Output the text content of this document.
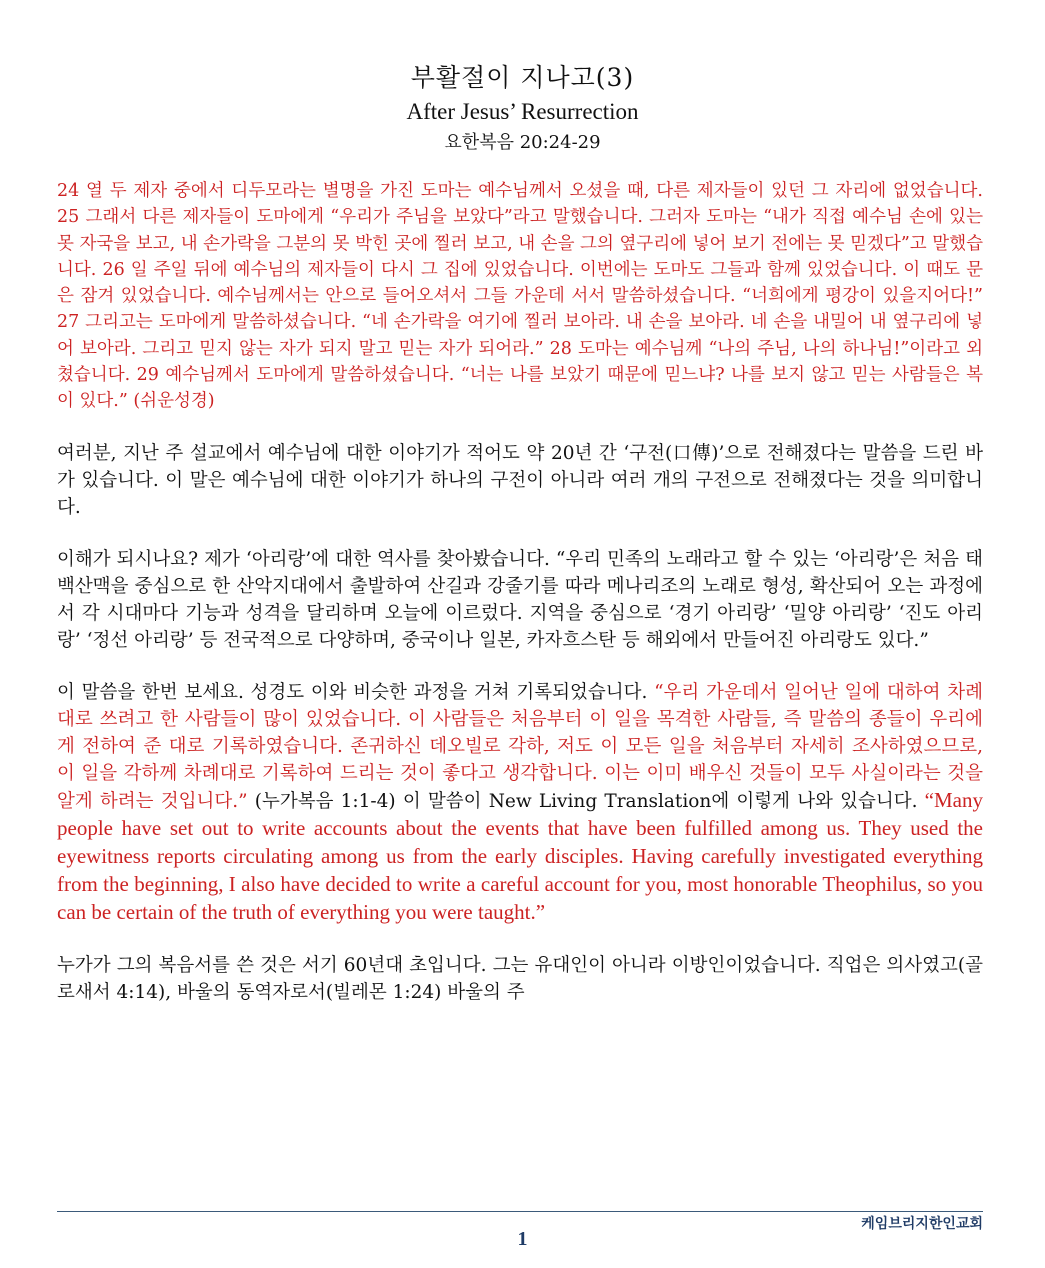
부활절이 지나고(3)
After Jesus’ Resurrection
요한복음 20:24-29

24 열 두 제자 중에서 디두모라는 별명을 가진 도마는 예수님께서 오셨을 때, 다른 제자들이 있던 그 자리에 없었습니다. 25 그래서 다른 제자들이 도마에게 “우리가 주님을 보았다”라고 말했습니다. 그러자 도마는 “내가 직접 예수님 손에 있는 못 자국을 보고, 내 손가락을 그분의 못 박힌 곳에 찔러 보고, 내 손을 그의 옆구리에 넣어 보기 전에는 못 믿겠다”고 말했습니다. 26 일 주일 뒤에 예수님의 제자들이 다시 그 집에 있었습니다. 이번에는 도마도 그들과 함께 있었습니다. 이 때도 문은 잠겨 있었습니다. 예수님께서는 안으로 들어오셔서 그들 가운데 서서 말씀하셨습니다. “너희에게 평강이 있을지어다!” 27 그리고는 도마에게 말씀하셨습니다. “네 손가락을 여기에 찔러 보아라. 내 손을 보아라. 네 손을 내밀어 내 옆구리에 넣어 보아라. 그리고 믿지 않는 자가 되지 말고 믿는 자가 되어라.” 28 도마는 예수님께 “나의 주님, 나의 하나님!”이라고 외쳤습니다. 29 예수님께서 도마에게 말씀하셨습니다. “너는 나를 보았기 때문에 믿느냐? 나를 보지 않고 믿는 사람들은 복이 있다.” (쉬운성경)

여러분, 지난 주 설교에서 예수님에 대한 이야기가 적어도 약 20년 간 ‘구전(口傳)’으로 전해졌다는 말씀을 드린 바가 있습니다. 이 말은 예수님에 대한 이야기가 하나의 구전이 아니라 여러 개의 구전으로 전해졌다는 것을 의미합니다.

이해가 되시나요? 제가 ‘아리랑’에 대한 역사를 찾아봤습니다. “우리 민족의 노래라고 할 수 있는 ‘아리랑’은 처음 태백산맥을 중심으로 한 산악지대에서 출발하여 산길과 강줄기를 따라 메나리조의 노래로 형성, 확산되어 오는 과정에서 각 시대마다 기능과 성격을 달리하며 오늘에 이르렀다. 지역을 중심으로 ‘경기 아리랑’ ‘밀양 아리랑’ ‘진도 아리랑’ ‘정선 아리랑’ 등 전국적으로 다양하며, 중국이나 일본, 카자흐스탄 등 해외에서 만들어진 아리랑도 있다.”

이 말씀을 한번 보세요. 성경도 이와 비슷한 과정을 거쳐 기록되었습니다. “우리 가운데서 일어난 일에 대하여 차례대로 쓰려고 한 사람들이 많이 있었습니다. 이 사람들은 처음부터 이 일을 목격한 사람들, 즉 말씀의 종들이 우리에게 전하여 준 대로 기록하였습니다. 존귀하신 데오빌로 각하, 저도 이 모든 일을 처음부터 자세히 조사하였으므로, 이 일을 각하께 차례대로 기록하여 드리는 것이 좋다고 생각합니다. 이는 이미 배우신 것들이 모두 사실이라는 것을 알게 하려는 것입니다.” (누가복음 1:1-4) 이 말씀이 New Living Translation에 이렇게 나와 있습니다. “Many people have set out to write accounts about the events that have been fulfilled among us. They used the eyewitness reports circulating among us from the early disciples. Having carefully investigated everything from the beginning, I also have decided to write a careful account for you, most honorable Theophilus, so you can be certain of the truth of everything you were taught.”

누가가 그의 복음서를 쓴 것은 서기 60년대 초입니다. 그는 유대인이 아니라 이방인이었습니다. 직업은 의사였고(골로새서 4:14), 바울의 동역자로서(빌레몬 1:24) 바울의 주

케임브리지한인교회
1
